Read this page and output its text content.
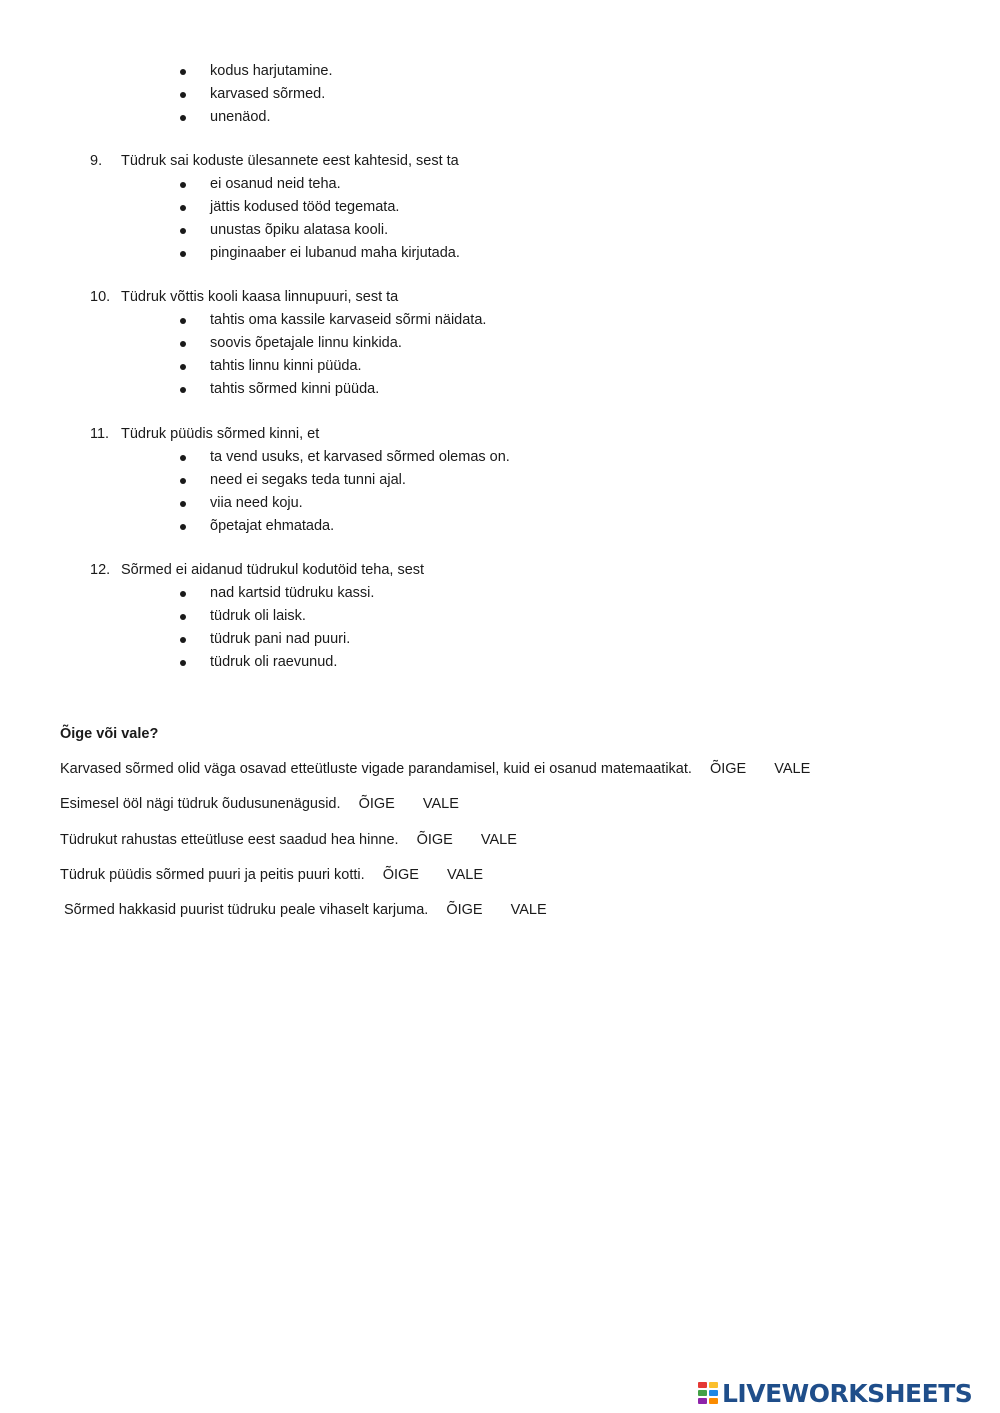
kodus harjutamine.
karvased sõrmed.
unenäod.
9. Tüdruk sai koduste ülesannete eest kahtesid, sest ta
ei osanud neid teha.
jättis kodused tööd tegemata.
unustas õpiku alatasa kooli.
pinginaaber ei lubanud maha kirjutada.
10. Tüdruk võttis kooli kaasa linnupuuri, sest ta
tahtis oma kassile karvaseid sõrmi näidata.
soovis õpetajale linnu kinkida.
tahtis linnu kinni püüda.
tahtis sõrmed kinni püüda.
11. Tüdruk püüdis sõrmed kinni, et
ta vend usuks, et karvased sõrmed olemas on.
need ei segaks teda tunni ajal.
viia need koju.
õpetajat ehmatada.
12. Sõrmed ei aidanud tüdrukul kodutöid teha, sest
nad kartsid tüdruku kassi.
tüdruk oli laisk.
tüdruk pani nad puuri.
tüdruk oli raevunud.
Õige või vale?
Karvased sõrmed olid väga osavad etteütluste vigade parandamisel, kuid ei osanud matemaatikat. ÕIGE VALE
Esimesel ööl nägi tüdruk õudusunenägusid. ÕIGE VALE
Tüdrukut rahustas etteütluse eest saadud hea hinne. ÕIGE VALE
Tüdruk püüdis sõrmed puuri ja peitis puuri kotti. ÕIGE VALE
Sõrmed hakkasid puurist tüdruku peale vihaselt karjuma. ÕIGE VALE
LIVEWORKSHEETS
